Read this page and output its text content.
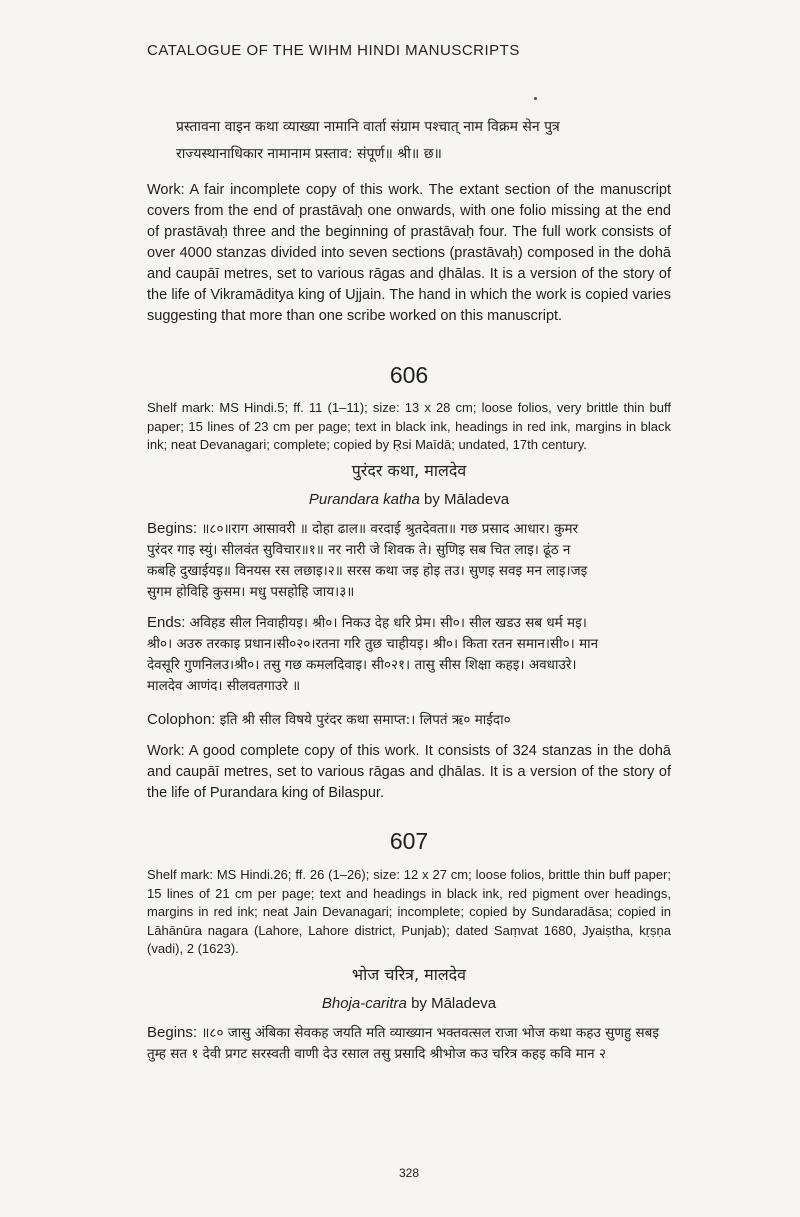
CATALOGUE OF THE WIHM HINDI MANUSCRIPTS
प्रस्तावना वाइन कथा व्याख्या नामानि वार्ता संग्राम पश्चात् नाम विक्रम सेन पुत्र
राज्यस्थानाधिकार नामानाम प्रस्ताव: संपूर्ण॥ श्री॥ छ॥

Work: A fair incomplete copy of this work. The extant section of the manuscript covers from the end of prastāvaḥ one onwards, with one folio missing at the end of prastāvaḥ three and the beginning of prastāvaḥ four. The full work consists of over 4000 stanzas divided into seven sections (prastāvaḥ) composed in the dohā and caupāī metres, set to various rāgas and ḍhālas. It is a version of the story of the life of Vikramāditya king of Ujjain. The hand in which the work is copied varies suggesting that more than one scribe worked on this manuscript.

606

Shelf mark: MS Hindi.5; ff. 11 (1–11); size: 13 x 28 cm; loose folios, very brittle thin buff paper; 15 lines of 23 cm per page; text in black ink, headings in red ink, margins in black ink; neat Devanagari; complete; copied by Ṛsi Maīdā; undated, 17th century.

पुरंदर कथा, मालदेव
Purandara katha by Māladeva

Begins: ॥८०॥राग आसावरी ॥ दोहा ढाल॥ वरदाई श्रुतदेवता॥ गछ प्रसाद आधार। कुमर

पुरंदर गाइ स्युं। सीलवंत सुविचार॥१॥ नर नारी जे शिवक ते। सुणिइ सब चित लाइ। ढूंठ न

कबहि दुखाईयइ॥ विनयस रस लछाइ।२॥ सरस कथा जइ होइ तउ। सुणइ सवइ मन लाइ।जइ

सुगम होविहि कुसम। मधु पसहोहि जाय।३॥

Ends: अविहड सील निवाहीयइ। श्री०। निकउ देह धरि प्रेम। सी०। सील खडउ सब धर्म मइ।

श्री०। अउरु तरकाइ प्रधान।सी०२०।रतना गरि तुछ चाहीयइ। श्री०। किता रतन समान।सी०। मान

देवसूरि गुणनिलउ।श्री०। तसु गछ कमलदिवाइ। सी०२१। तासु सीस शिक्षा कहइ। अवधाउरे।

मालदेव आणंद। सीलवतगाउरे ॥

Colophon: इति श्री सील विषये पुरंदर कथा समाप्त:। लिपतं ऋ० माईदा०

Work: A good complete copy of this work. It consists of 324 stanzas in the dohā and caupāī metres, set to various rāgas and ḍhālas. It is a version of the story of the life of Purandara king of Bilaspur.

607

Shelf mark: MS Hindi.26; ff. 26 (1–26); size: 12 x 27 cm; loose folios, brittle thin buff paper; 15 lines of 21 cm per page; text and headings in black ink, red pigment over headings, margins in red ink; neat Jain Devanagari; incomplete; copied by Sundaradāsa; copied in Lāhānūra nagara (Lahore, Lahore district, Punjab); dated Saṃvat 1680, Jyaiṣtha, kṛṣṇa (vadi), 2 (1623).

भोज चरित्र, मालदेव
Bhoja-caritra by Māladeva

Begins: ॥८० जासु अंबिका सेवकह जयति मति व्याख्यान भक्तवत्सल राजा भोज कथा कहउ सुणहु सबइ

तुम्ह सत १ देवी प्रगट सरस्वती वाणी देउ रसाल तसु प्रसादि श्रीभोज कउ चरित्र कहइ कवि मान २

328
